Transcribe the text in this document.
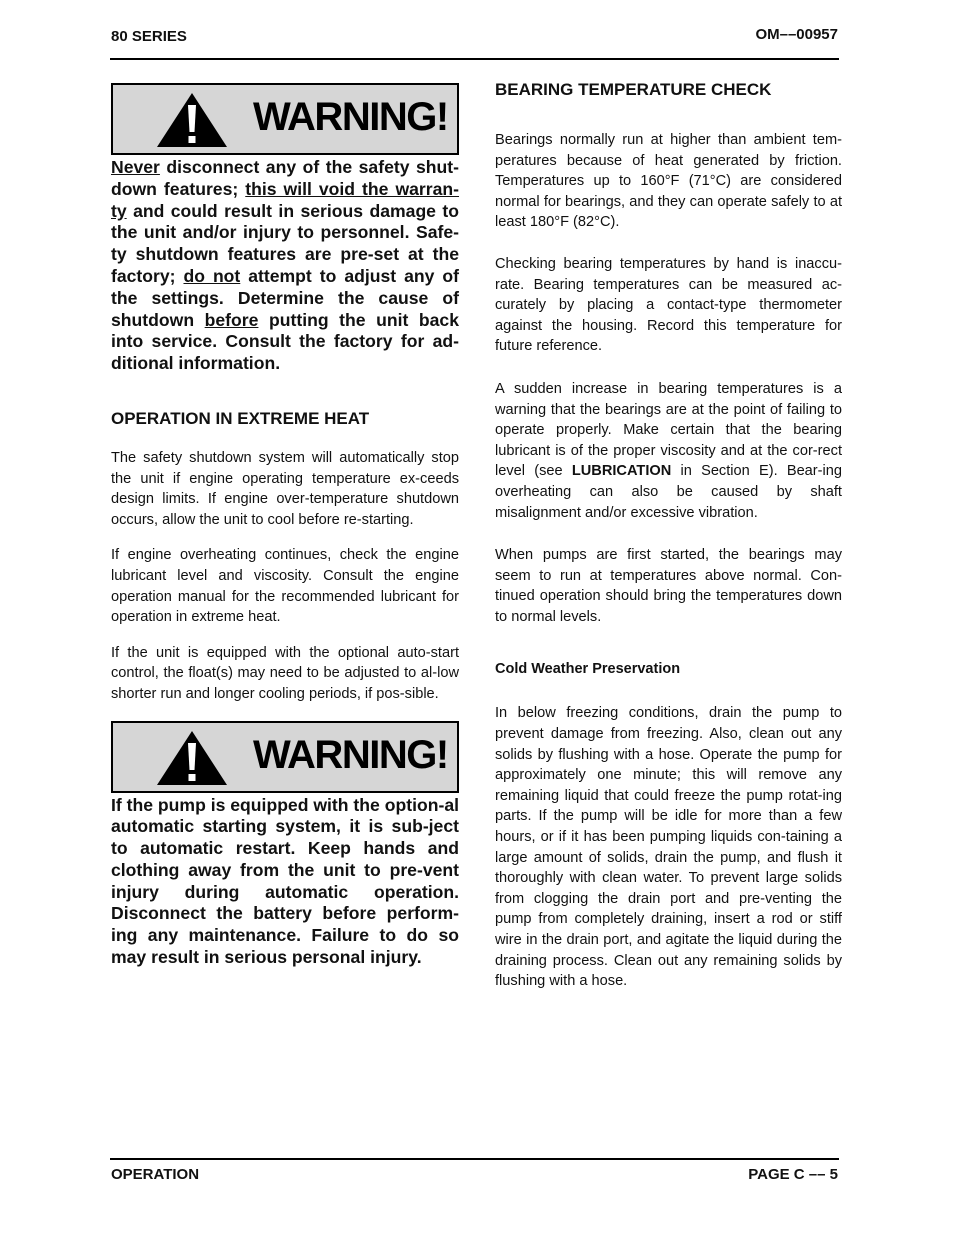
80 SERIES	OM––00957
WARNING!
Never disconnect any of the safety shut-down features; this will void the warran-ty and could result in serious damage to the unit and/or injury to personnel. Safe-ty shutdown features are pre-set at the factory; do not attempt to adjust any of the settings. Determine the cause of shutdown before putting the unit back into service. Consult the factory for ad-ditional information.
OPERATION IN EXTREME HEAT

The safety shutdown system will automatically stop the unit if engine operating temperature ex-ceeds design limits. If engine over-temperature shutdown occurs, allow the unit to cool before re-starting.

If engine overheating continues, check the engine lubricant level and viscosity. Consult the engine operation manual for the recommended lubricant for operation in extreme heat.

If the unit is equipped with the optional auto-start control, the float(s) may need to be adjusted to al-low shorter run and longer cooling periods, if pos-sible.

WARNING!
If the pump is equipped with the option-al automatic starting system, it is sub-ject to automatic restart. Keep hands and clothing away from the unit to pre-vent injury during automatic operation. Disconnect the battery before perform-ing any maintenance. Failure to do so may result in serious personal injury.
BEARING TEMPERATURE CHECK

Bearings normally run at higher than ambient tem-peratures because of heat generated by friction. Temperatures up to 160°F (71°C) are considered normal for bearings, and they can operate safely to at least 180°F (82°C).

Checking bearing temperatures by hand is inaccu-rate. Bearing temperatures can be measured ac-curately by placing a contact-type thermometer against the housing. Record this temperature for future reference.

A sudden increase in bearing temperatures is a warning that the bearings are at the point of failing to operate properly. Make certain that the bearing lubricant is of the proper viscosity and at the cor-rect level (see LUBRICATION in Section E). Bear-ing overheating can also be caused by shaft misalignment and/or excessive vibration.

When pumps are first started, the bearings may seem to run at temperatures above normal. Con-tinued operation should bring the temperatures down to normal levels.

Cold Weather Preservation

In below freezing conditions, drain the pump to prevent damage from freezing. Also, clean out any solids by flushing with a hose. Operate the pump for approximately one minute; this will remove any remaining liquid that could freeze the pump rotat-ing parts. If the pump will be idle for more than a few hours, or if it has been pumping liquids con-taining a large amount of solids, drain the pump, and flush it thoroughly with clean water. To prevent large solids from clogging the drain port and pre-venting the pump from completely draining, insert a rod or stiff wire in the drain port, and agitate the liquid during the draining process. Clean out any remaining solids by flushing with a hose.

OPERATION	PAGE C –– 5
